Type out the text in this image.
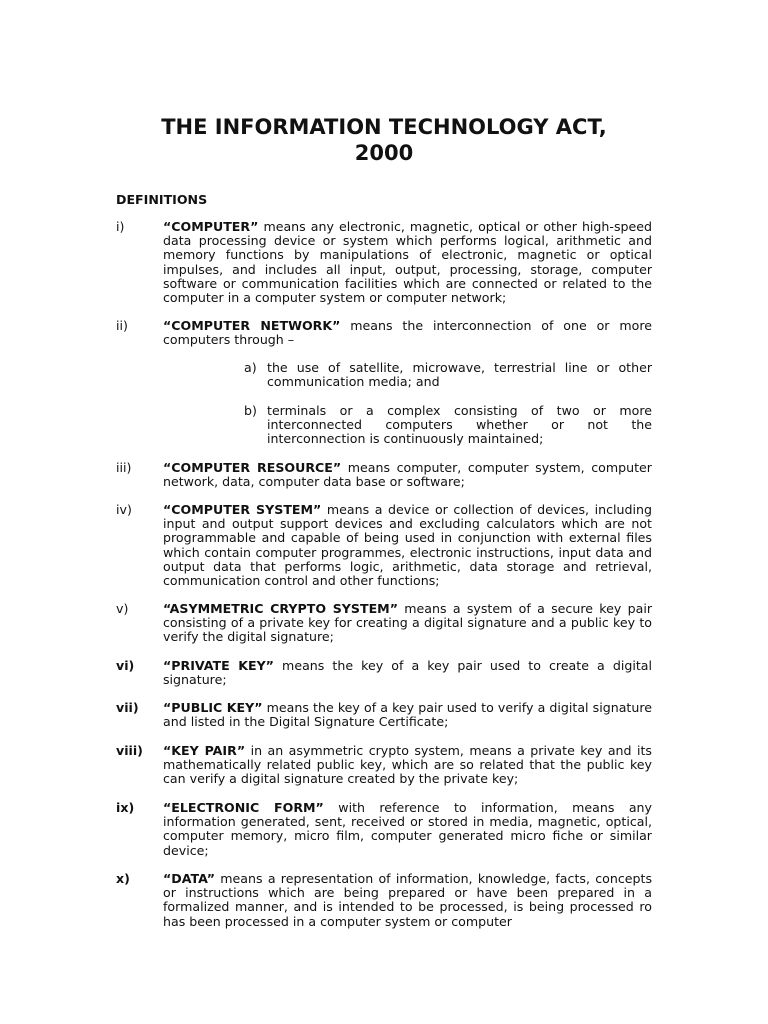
THE INFORMATION TECHNOLOGY ACT,
2000
DEFINITIONS
i)	“COMPUTER” means any electronic, magnetic, optical or other high-speed data processing device or system which performs logical, arithmetic and memory functions by manipulations of electronic, magnetic or optical impulses, and includes all input, output, processing, storage, computer software or communication facilities which are connected or related to the computer in a computer system or computer network;
ii)	“COMPUTER NETWORK” means the interconnection of one or more computers through –
a) the use of satellite, microwave, terrestrial line or other communication media; and
b) terminals or a complex consisting of two or more interconnected computers whether or not the interconnection is continuously maintained;
iii)	“COMPUTER RESOURCE” means computer, computer system, computer network, data, computer data base or software;
iv) “COMPUTER SYSTEM” means a device or collection of devices, including input and output support devices and excluding calculators which are not programmable and capable of being used in conjunction with external files which contain computer programmes, electronic instructions, input data and output data that performs logic, arithmetic, data storage and retrieval, communication control and other functions;
v)	“ASYMMETRIC CRYPTO SYSTEM” means a system of a secure key pair consisting of a private key for creating a digital signature and a public key to verify the digital signature;
vi) “PRIVATE KEY” means the key of a key pair used to create a digital signature;
vii) “PUBLIC KEY” means the key of a key pair used to verify a digital signature and listed in the Digital Signature Certificate;
viii) “KEY PAIR” in an asymmetric crypto system, means a private key and its mathematically related public key, which are so related that the public key can verify a digital signature created by the private key;
ix) “ELECTRONIC FORM” with reference to information, means any information generated, sent, received or stored in media, magnetic, optical, computer memory, micro film, computer generated micro fiche or similar device;
x)	“DATA” means a representation of information, knowledge, facts, concepts or instructions which are being prepared or have been prepared in a formalized manner, and is intended to be processed, is being processed ro has been processed in a computer system or computer
